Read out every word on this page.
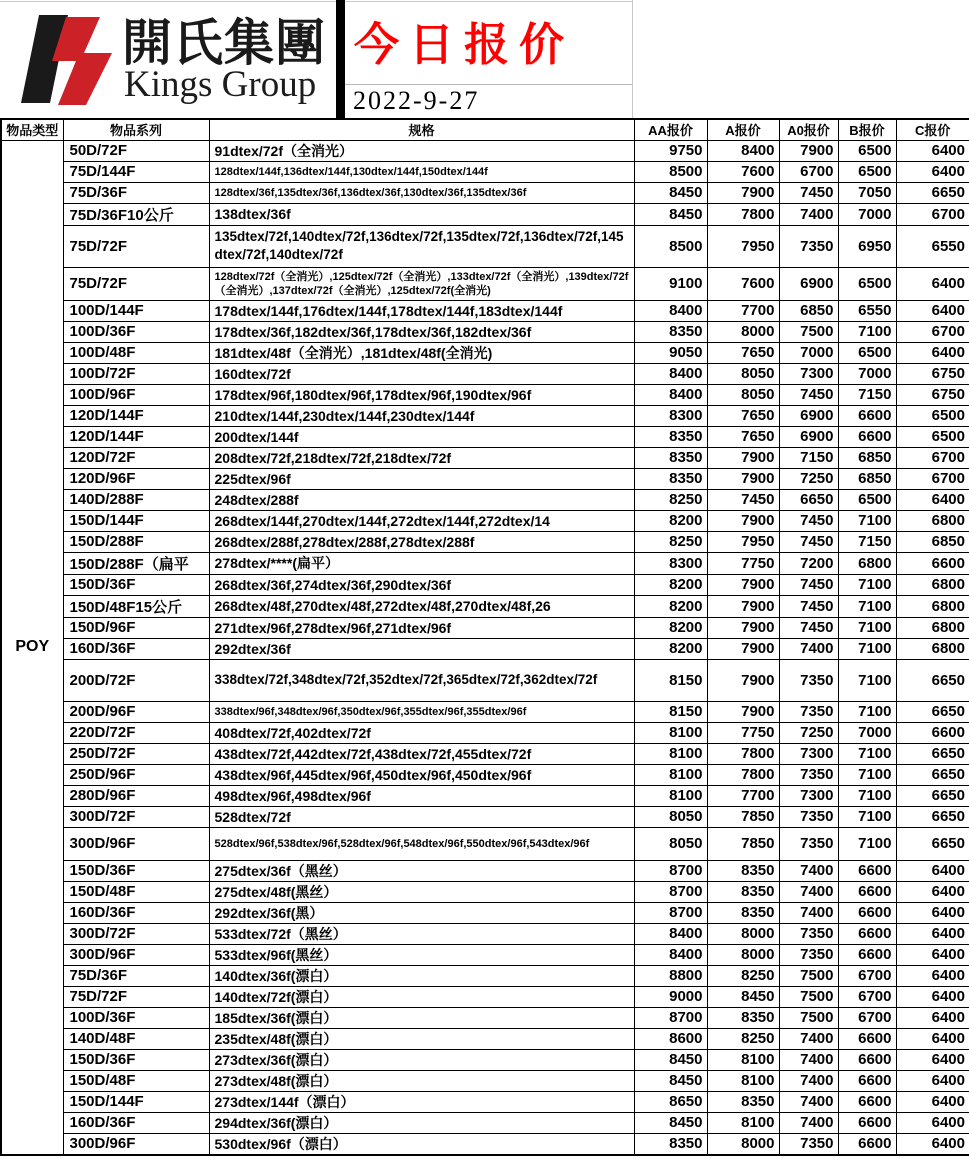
開氏集團
Kings Group
今日报价
2022-9-27
物品类型	物品系列	规格	AA报价	A报价	A0报价	B报价	C报价
POY	50D/72F	91dtex/72f（全消光）	9750	8400	7900	6500	6400
	75D/144F	128dtex/144f,136dtex/144f,130dtex/144f,150dtex/144f	8500	7600	6700	6500	6400
	75D/36F	128dtex/36f,135dtex/36f,136dtex/36f,130dtex/36f,135dtex/36f	8450	7900	7450	7050	6650
	75D/36F10公斤	138dtex/36f	8450	7800	7400	7000	6700
	75D/72F	135dtex/72f,140dtex/72f,136dtex/72f,135dtex/72f,136dtex/72f,145dtex/72f,140dtex/72f	8500	7950	7350	6950	6550
	75D/72F	128dtex/72f（全消光）,125dtex/72f（全消光）,133dtex/72f（全消光）,139dtex/72f（全消光）,137dtex/72f（全消光）,125dtex/72f(全消光)	9100	7600	6900	6500	6400
	100D/144F	178dtex/144f,176dtex/144f,178dtex/144f,183dtex/144f	8400	7700	6850	6550	6400
	100D/36F	178dtex/36f,182dtex/36f,178dtex/36f,182dtex/36f	8350	8000	7500	7100	6700
	100D/48F	181dtex/48f（全消光）,181dtex/48f(全消光)	9050	7650	7000	6500	6400
	100D/72F	160dtex/72f	8400	8050	7300	7000	6750
	100D/96F	178dtex/96f,180dtex/96f,178dtex/96f,190dtex/96f	8400	8050	7450	7150	6750
	120D/144F	210dtex/144f,230dtex/144f,230dtex/144f	8300	7650	6900	6600	6500
	120D/144F	200dtex/144f	8350	7650	6900	6600	6500
	120D/72F	208dtex/72f,218dtex/72f,218dtex/72f	8350	7900	7150	6850	6700
	120D/96F	225dtex/96f	8350	7900	7250	6850	6700
	140D/288F	248dtex/288f	8250	7450	6650	6500	6400
	150D/144F	268dtex/144f,270dtex/144f,272dtex/144f,272dtex/14	8200	7900	7450	7100	6800
	150D/288F	268dtex/288f,278dtex/288f,278dtex/288f	8250	7950	7450	7150	6850
	150D/288F（扁平	278dtex/****(扁平）	8300	7750	7200	6800	6600
	150D/36F	268dtex/36f,274dtex/36f,290dtex/36f	8200	7900	7450	7100	6800
	150D/48F15公斤	268dtex/48f,270dtex/48f,272dtex/48f,270dtex/48f,26	8200	7900	7450	7100	6800
	150D/96F	271dtex/96f,278dtex/96f,271dtex/96f	8200	7900	7450	7100	6800
	160D/36F	292dtex/36f	8200	7900	7400	7100	6800
	200D/72F	338dtex/72f,348dtex/72f,352dtex/72f,365dtex/72f,362dtex/72f	8150	7900	7350	7100	6650
	200D/96F	338dtex/96f,348dtex/96f,350dtex/96f,355dtex/96f,355dtex/96f	8150	7900	7350	7100	6650
	220D/72F	408dtex/72f,402dtex/72f	8100	7750	7250	7000	6600
	250D/72F	438dtex/72f,442dtex/72f,438dtex/72f,455dtex/72f	8100	7800	7300	7100	6650
	250D/96F	438dtex/96f,445dtex/96f,450dtex/96f,450dtex/96f	8100	7800	7350	7100	6650
	280D/96F	498dtex/96f,498dtex/96f	8100	7700	7300	7100	6650
	300D/72F	528dtex/72f	8050	7850	7350	7100	6650
	300D/96F	528dtex/96f,538dtex/96f,528dtex/96f,548dtex/96f,550dtex/96f,543dtex/96f	8050	7850	7350	7100	6650
	150D/36F	275dtex/36f（黑丝）	8700	8350	7400	6600	6400
	150D/48F	275dtex/48f(黑丝）	8700	8350	7400	6600	6400
	160D/36F	292dtex/36f(黑）	8700	8350	7400	6600	6400
	300D/72F	533dtex/72f（黑丝）	8400	8000	7350	6600	6400
	300D/96F	533dtex/96f(黑丝）	8400	8000	7350	6600	6400
	75D/36F	140dtex/36f(漂白）	8800	8250	7500	6700	6400
	75D/72F	140dtex/72f(漂白）	9000	8450	7500	6700	6400
	100D/36F	185dtex/36f(漂白）	8700	8350	7500	6700	6400
	140D/48F	235dtex/48f(漂白）	8600	8250	7400	6600	6400
	150D/36F	273dtex/36f(漂白）	8450	8100	7400	6600	6400
	150D/48F	273dtex/48f(漂白）	8450	8100	7400	6600	6400
	150D/144F	273dtex/144f（漂白）	8650	8350	7400	6600	6400
	160D/36F	294dtex/36f(漂白）	8450	8100	7400	6600	6400
	300D/96F	530dtex/96f（漂白）	8350	8000	7350	6600	6400
